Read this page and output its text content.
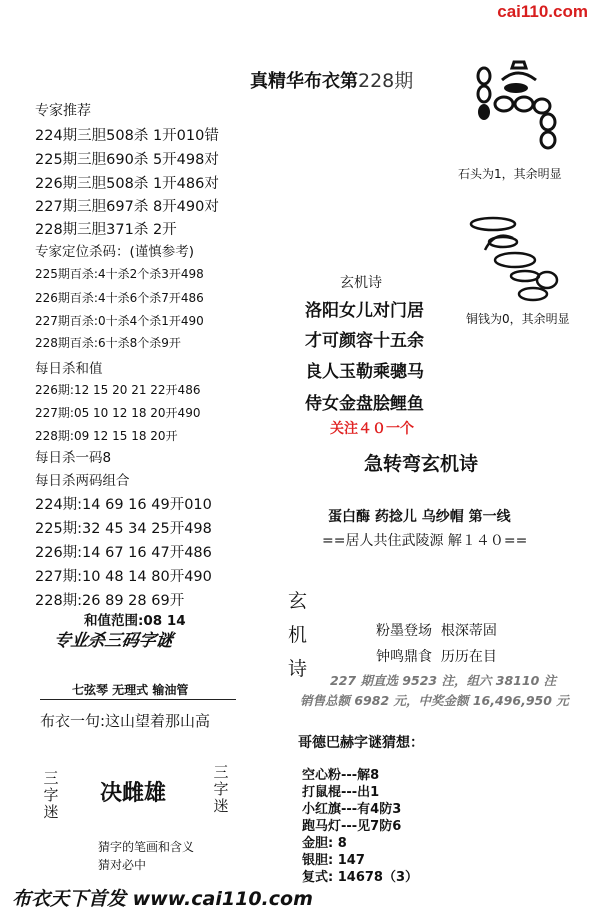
cai110.com
真精华布衣第228期
石头为1，其余明显
铜钱为0，其余明显
专家推荐
224期三胆508杀 1开010错
225期三胆690杀 5开498对
226期三胆508杀 1开486对
227期三胆697杀 8开490对
228期三胆371杀 2开
专家定位杀码：(谨慎参考)
225期百杀:4十杀2个杀3开498
226期百杀:4十杀6个杀7开486
227期百杀:0十杀4个杀1开490
228期百杀:6十杀8个杀9开
每日杀和值
226期:12 15 20 21 22开486
227期:05 10 12 18 20开490
228期:09 12 15 18 20开
每日杀一码8
每日杀两码组合
224期:14 69 16 49开010
225期:32 45 34 25开498
226期:14 67 16 47开486
227期:10 48 14 80开490
228期:26 89 28 69开
和值范围:08 14
专业杀三码字谜
七弦琴 无理式 输油管
布衣一句:这山望着那山高
三字迷
决雌雄
三字迷
猜字的笔画和含义
猜对必中
玄机诗
洛阳女儿对门居
才可颜容十五余
良人玉勒乘骢马
侍女金盘脍鲤鱼
关注４０一个
急转弯玄机诗
蛋白酶 药捻儿 乌纱帽 第一线
==居人共住武陵源 解１４０==
玄
机
诗
粉墨登场  根深蒂固
钟鸣鼎食  历历在目
227 期直选 9523 注，组六 38110 注
销售总额 6982 元，中奖金额 16,496,950 元
哥德巴赫字谜猜想：
空心粉---解8
打鼠棍---出1
小红旗---有4防3
跑马灯---见7防6
金胆: 8
银胆: 147
复式: 14678（3）
布衣天下首发 www.cai110.com
